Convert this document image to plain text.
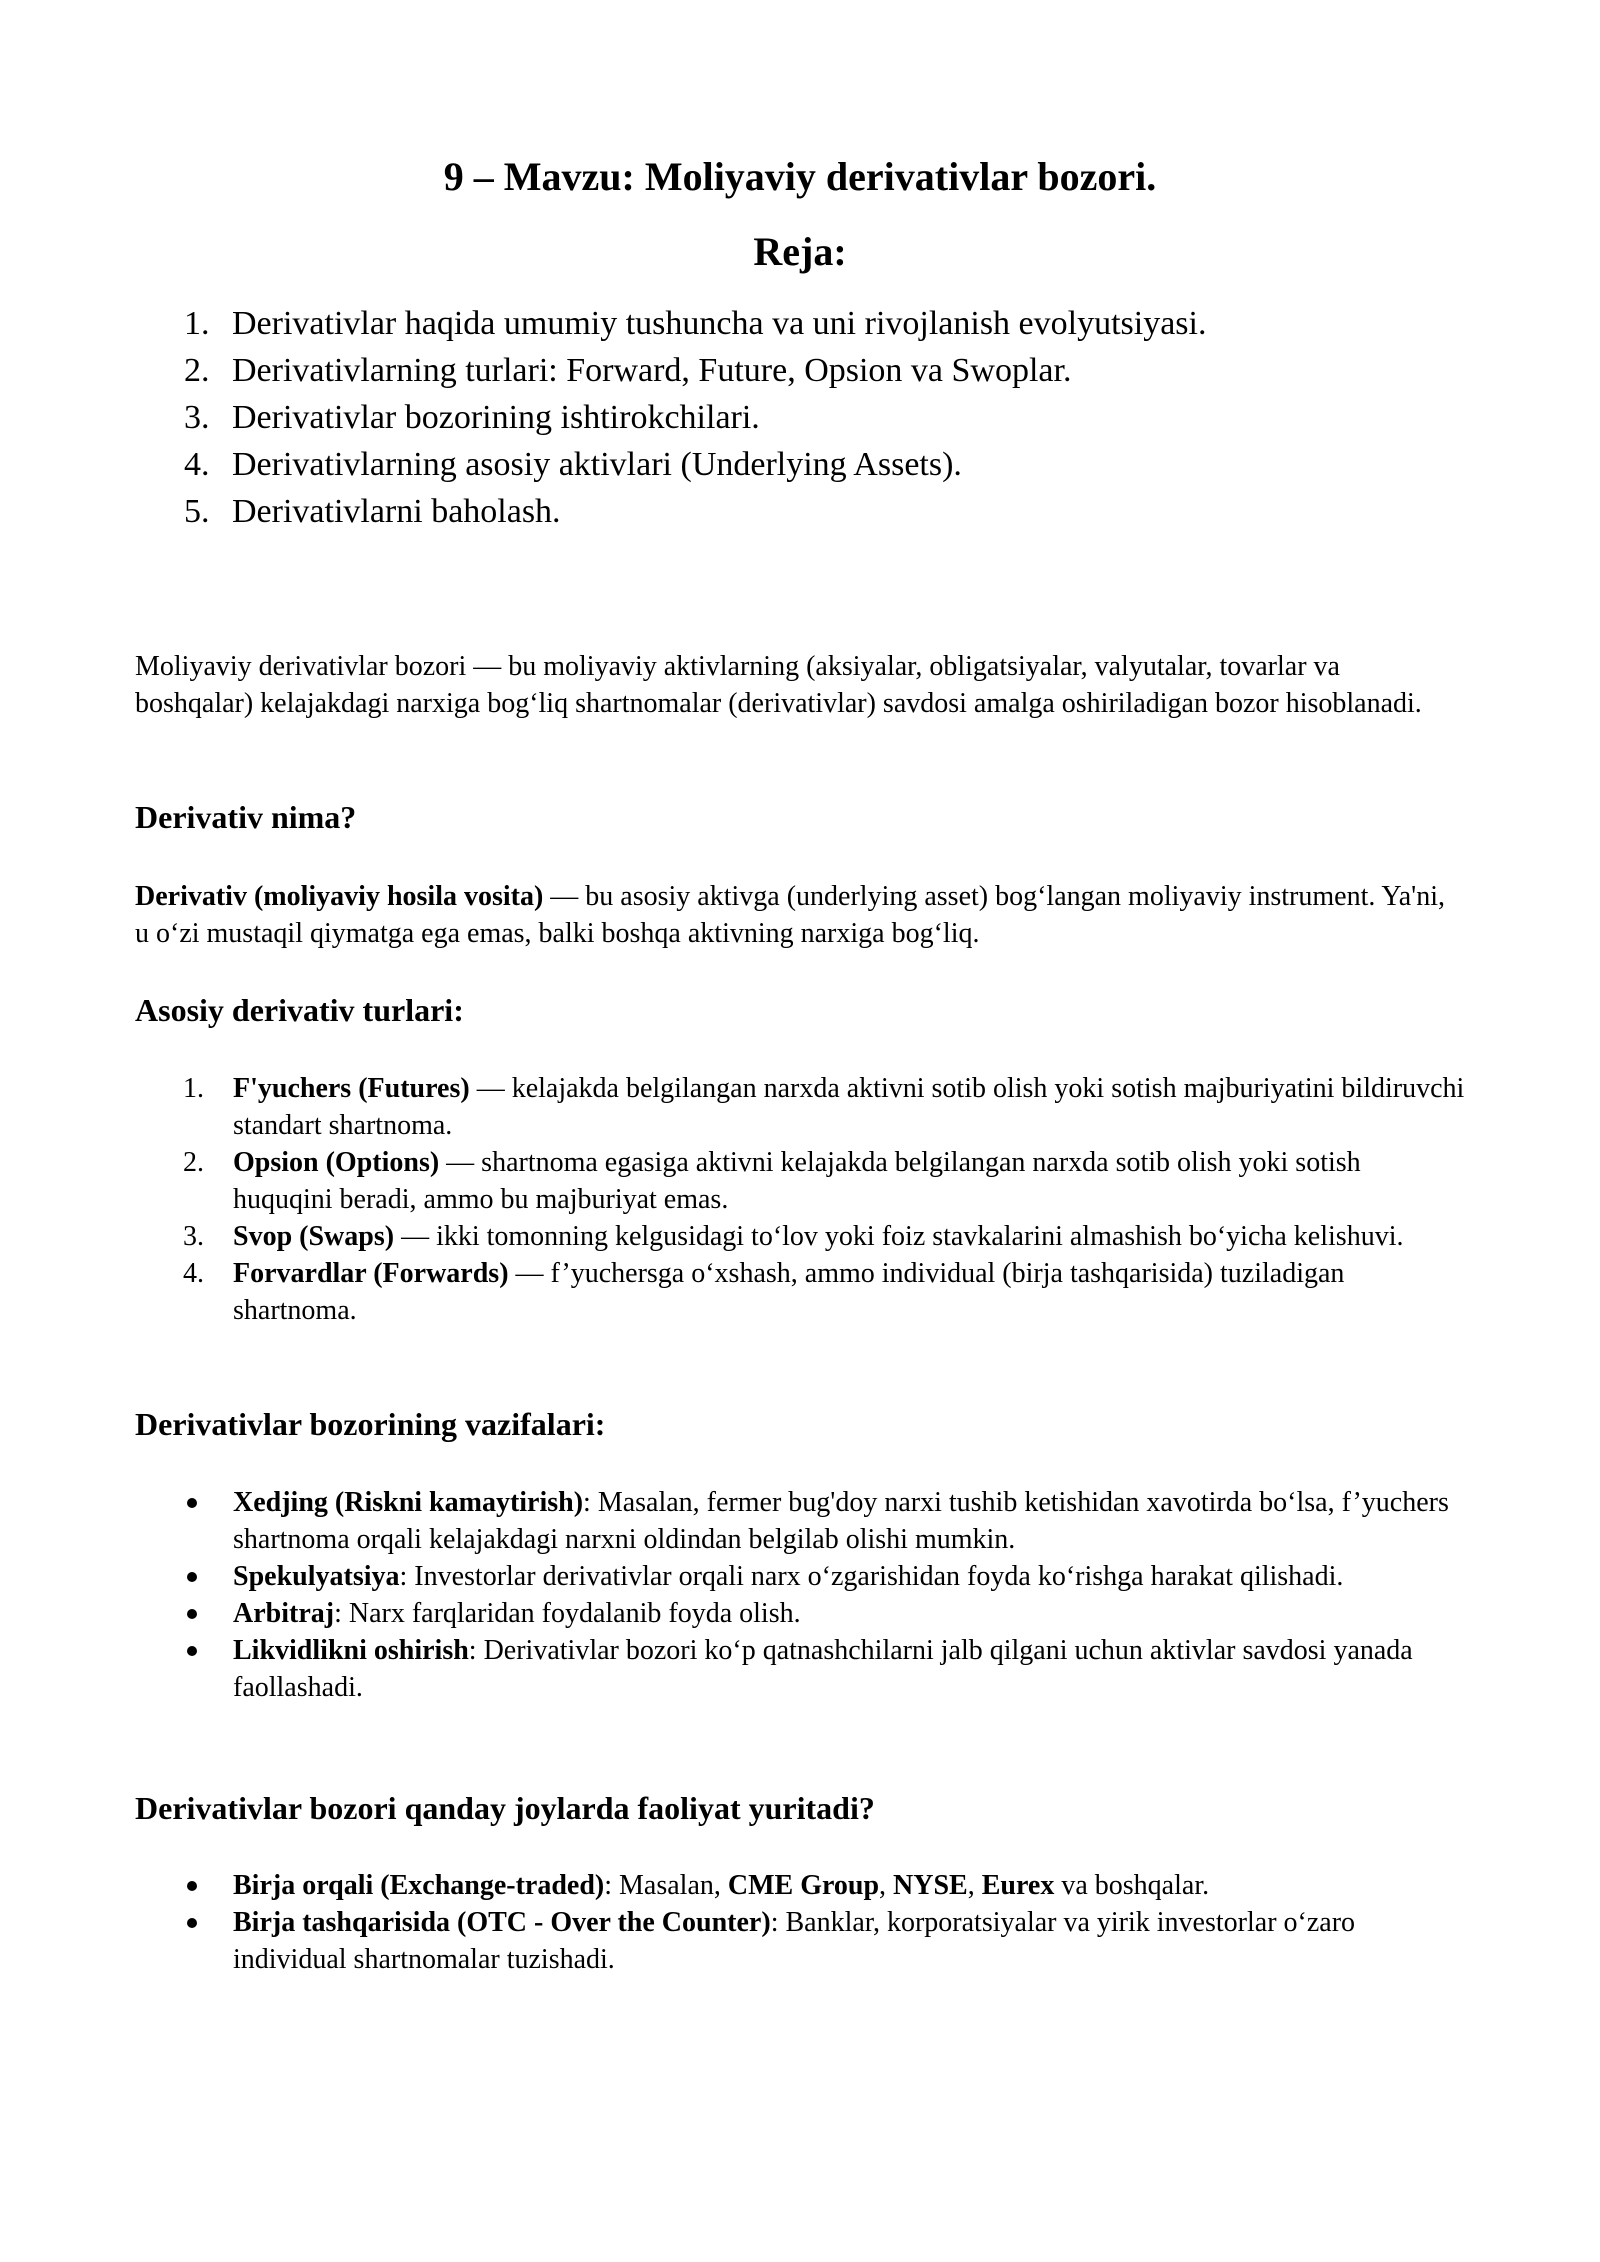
9 – Mavzu: Moliyaviy derivativlar bozori.
Reja:
1. Derivativlar haqida umumiy tushuncha va uni rivojlanish evolyutsiyasi.
2. Derivativlarning turlari: Forward, Future, Opsion va Swoplar.
3. Derivativlar bozorining ishtirokchilari.
4. Derivativlarning asosiy aktivlari (Underlying Assets).
5. Derivativlarni baholash.

Moliyaviy derivativlar bozori — bu moliyaviy aktivlarning (aksiyalar, obligatsiyalar, valyutalar, tovarlar va boshqalar) kelajakdagi narxiga bog‘liq shartnomalar (derivativlar) savdosi amalga oshiriladigan bozor hisoblanadi.

Derivativ nima?

Derivativ (moliyaviy hosila vosita) — bu asosiy aktivga (underlying asset) bog‘langan moliyaviy instrument. Ya'ni, u o‘zi mustaqil qiymatga ega emas, balki boshqa aktivning narxiga bog‘liq.

Asosiy derivativ turlari:
1.	F'yuchers (Futures) — kelajakda belgilangan narxda aktivni sotib olish yoki sotish majburiyatini bildiruvchi standart shartnoma.
2.	Opsion (Options) — shartnoma egasiga aktivni kelajakda belgilangan narxda sotib olish yoki sotish huquqini beradi, ammo bu majburiyat emas.
3.	Svop (Swaps) — ikki tomonning kelgusidagi to‘lov yoki foiz stavkalarini almashish bo‘yicha kelishuvi.
4.	Forvardlar (Forwards) — f’yuchersga o‘xshash, ammo individual (birja tashqarisida) tuziladigan shartnoma.
Derivativlar bozorining vazifalari:
Xedjing (Riskni kamaytirish): Masalan, fermer bug'doy narxi tushib ketishidan xavotirda bo‘lsa, f’yuchers shartnoma orqali kelajakdagi narxni oldindan belgilab olishi mumkin.
Spekulyatsiya: Investorlar derivativlar orqali narx o‘zgarishidan foyda ko‘rishga harakat qilishadi.
Arbitraj: Narx farqlaridan foydalanib foyda olish.
Likvidlikni oshirish: Derivativlar bozori ko‘p qatnashchilarni jalb qilgani uchun aktivlar savdosi yanada faollashadi.
Derivativlar bozori qanday joylarda faoliyat yuritadi?
Birja orqali (Exchange-traded): Masalan, CME Group, NYSE, Eurex va boshqalar.
Birja tashqarisida (OTC - Over the Counter): Banklar, korporatsiyalar va yirik investorlar o‘zaro individual shartnomalar tuzishadi.
